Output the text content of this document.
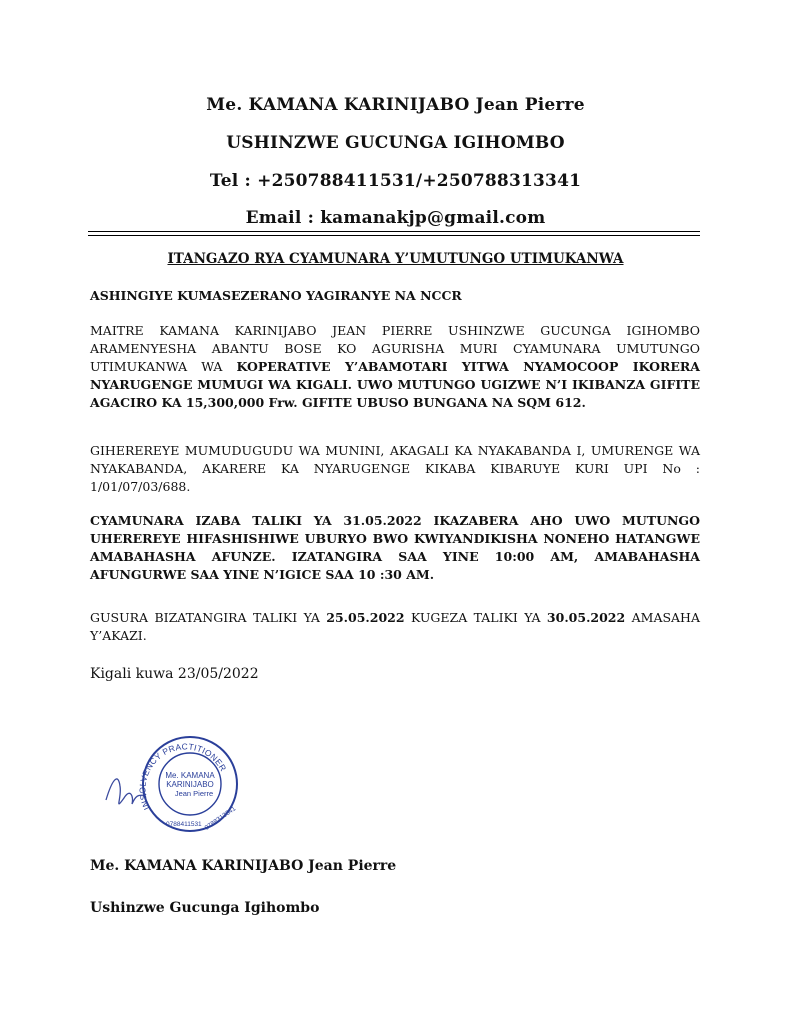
Me. KAMANA KARINIJABO Jean Pierre
USHINZWE GUCUNGA IGIHOMBO
Tel : +250788411531/+250788313341
Email : kamanakjp@gmail.com
ITANGAZO RYA CYAMUNARA Y’UMUTUNGO UTIMUKANWA
ASHINGIYE KUMASEZERANO YAGIRANYE NA NCCR
MAITRE KAMANA KARINIJABO JEAN PIERRE USHINZWE GUCUNGA IGIHOMBO ARAMENYESHA ABANTU BOSE KO AGURISHA MURI CYAMUNARA UMUTUNGO UTIMUKANWA WA KOPERATIVE Y’ABAMOTARI YITWA NYAMOCOOP IKORERA NYARUGENGE MUMUGI WA KIGALI. UWO MUTUNGO UGIZWE N’I IKIBANZA GIFITE AGACIRO KA 15,300,000 Frw. GIFITE UBUSO BUNGANA NA SQM 612.
GIHEREREYE MUMUDUGUDU WA MUNINI, AKAGALI KA NYAKABANDA I, UMURENGE WA NYAKABANDA, AKARERE KA NYARUGENGE KIKABA KIBARUYE KURI UPI No : 1/01/07/03/688.
CYAMUNARA IZABA TALIKI YA 31.05.2022 IKAZABERA AHO UWO MUTUNGO UHEREREYE HIFASHISHIWE UBURYO BWO KWIYANDIKISHA NONEHO HATANGWE AMABAHASHA AFUNZE. IZATANGIRA SAA YINE 10:00 AM, AMABAHASHA AFUNGURWE SAA YINE N’IGICE SAA 10 :30 AM.
GUSURA BIZATANGIRA TALIKI YA 25.05.2022 KUGEZA TALIKI YA 30.05.2022 AMASAHA Y’AKAZI.
Kigali kuwa 23/05/2022
INSOLVENCY PRACTITIONER
Me. KAMANA
KARINIJABO
Jean Pierre
0788411531 0788313341
Me. KAMANA KARINIJABO Jean Pierre
Ushinzwe Gucunga Igihombo
